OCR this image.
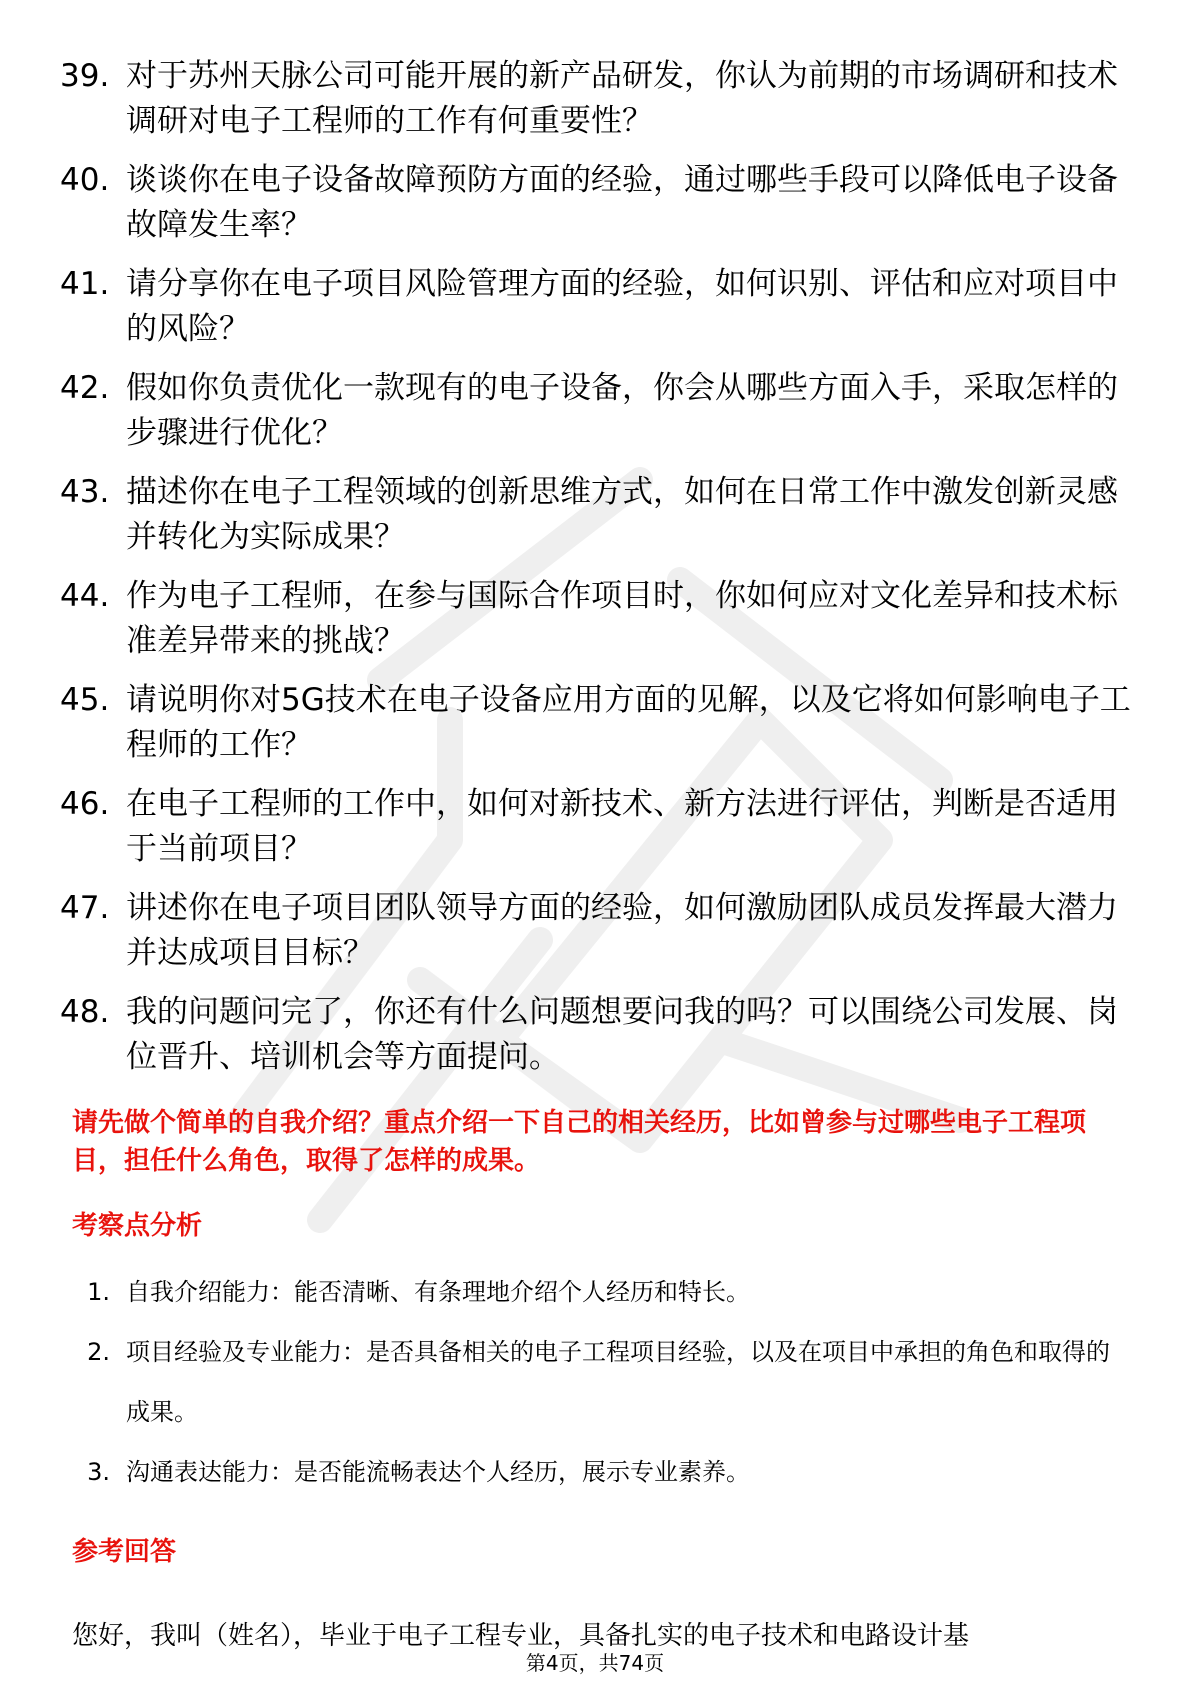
39. 对于苏州天脉公司可能开展的新产品研发，你认为前期的市场调研和技术调研对电子工程师的工作有何重要性？
40. 谈谈你在电子设备故障预防方面的经验，通过哪些手段可以降低电子设备故障发生率？
41. 请分享你在电子项目风险管理方面的经验，如何识别、评估和应对项目中的风险？
42. 假如你负责优化一款现有的电子设备，你会从哪些方面入手，采取怎样的步骤进行优化？
43. 描述你在电子工程领域的创新思维方式，如何在日常工作中激发创新灵感并转化为实际成果？
44. 作为电子工程师，在参与国际合作项目时，你如何应对文化差异和技术标准差异带来的挑战？
45. 请说明你对5G技术在电子设备应用方面的见解，以及它将如何影响电子工程师的工作？
46. 在电子工程师的工作中，如何对新技术、新方法进行评估，判断是否适用于当前项目？
47. 讲述你在电子项目团队领导方面的经验，如何激励团队成员发挥最大潜力并达成项目目标？
48. 我的问题问完了，你还有什么问题想要问我的吗？可以围绕公司发展、岗位晋升、培训机会等方面提问。
请先做个简单的自我介绍？重点介绍一下自己的相关经历，比如曾参与过哪些电子工程项目，担任什么角色，取得了怎样的成果。
考察点分析
1. 自我介绍能力：能否清晰、有条理地介绍个人经历和特长。
2. 项目经验及专业能力：是否具备相关的电子工程项目经验，以及在项目中承担的角色和取得的成果。
3. 沟通表达能力：是否能流畅表达个人经历，展示专业素养。
参考回答
您好，我叫（姓名），毕业于电子工程专业，具备扎实的电子技术和电路设计基
第4页，共74页
